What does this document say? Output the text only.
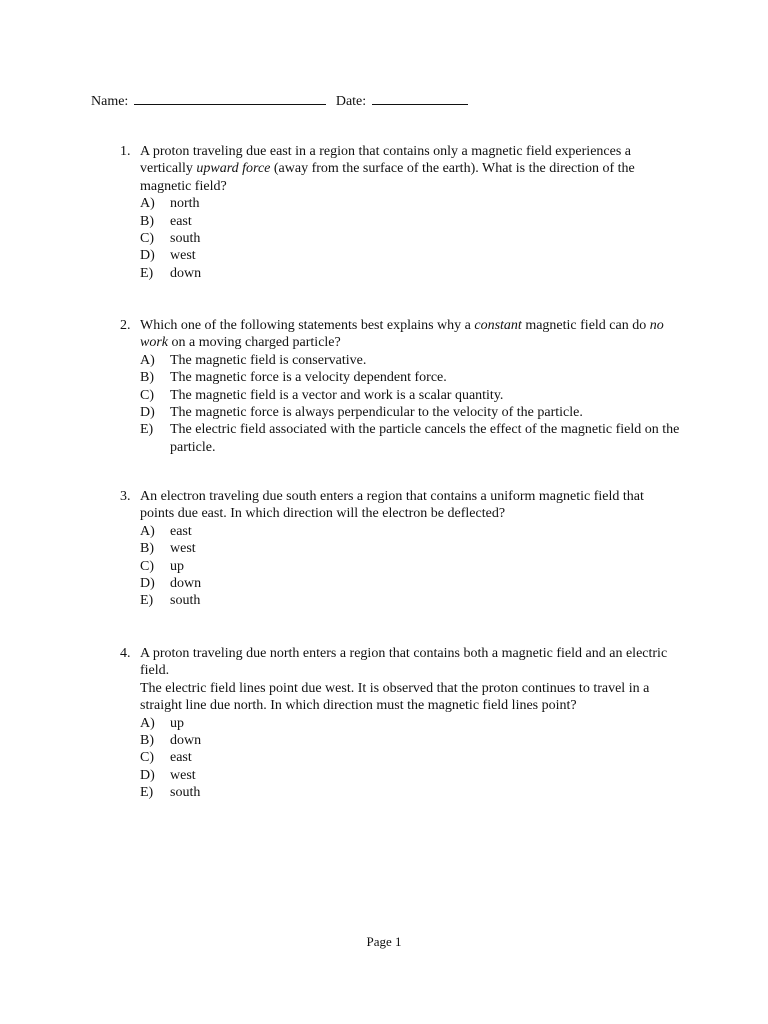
Name:	Date:
1. A proton traveling due east in a region that contains only a magnetic field experiences a vertically upward force (away from the surface of the earth). What is the direction of the magnetic field?
A)	north
B)	east
C)	south
D)	west
E)	down
2. Which one of the following statements best explains why a constant magnetic field can do no work on a moving charged particle?
A)	The magnetic field is conservative.
B)	The magnetic force is a velocity dependent force.
C)	The magnetic field is a vector and work is a scalar quantity.
D)	The magnetic force is always perpendicular to the velocity of the particle.
E)	The electric field associated with the particle cancels the effect of the magnetic field on the particle.
3. An electron traveling due south enters a region that contains a uniform magnetic field that points due east. In which direction will the electron be deflected?
A)	east
B)	west
C)	up
D)	down
E)	south
4. A proton traveling due north enters a region that contains both a magnetic field and an electric field.
The electric field lines point due west. It is observed that the proton continues to travel in a straight line due north. In which direction must the magnetic field lines point?
A)	up
B)	down
C)	east
D)	west
E)	south
Page 1
